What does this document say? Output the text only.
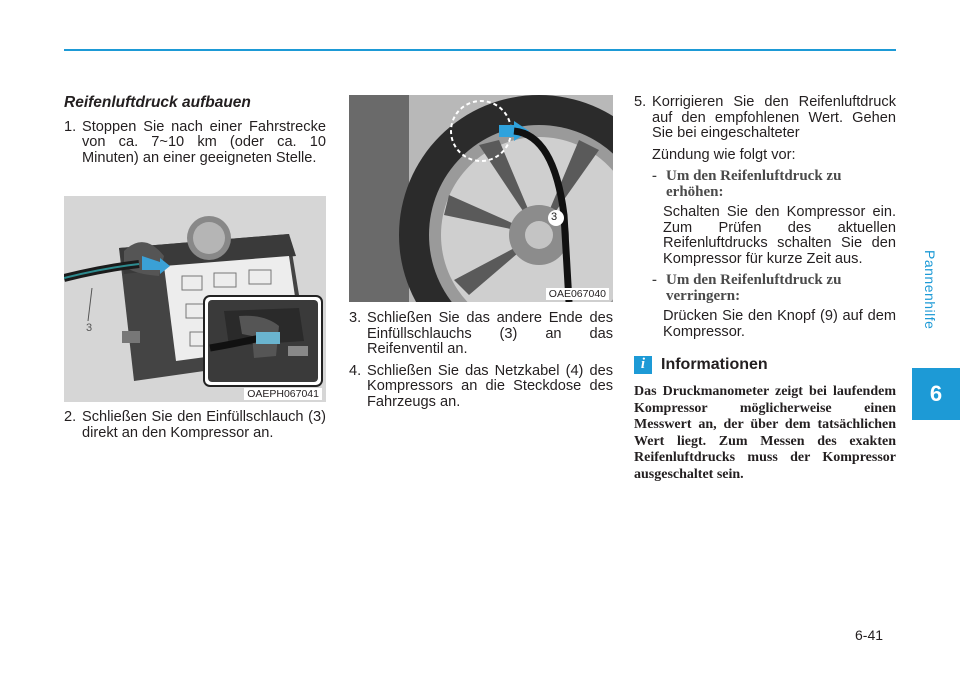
Pannenhilfe
6
Reifenluftdruck aufbauen
1. Stoppen Sie nach einer Fahrstrecke von ca. 7~10 km (oder ca. 10 Minuten) an einer geeigneten Stelle.
3
OAEPH067041
2. Schließen Sie den Einfüllschlauch (3) direkt an den Kompressor an.
3
OAE067040
3. Schließen Sie das andere Ende des Einfüllschlauchs (3) an das Reifenventil an.
4. Schließen Sie das Netzkabel (4) des Kompressors an die Steckdose des Fahrzeugs an.
5. Korrigieren Sie den Reifenluftdruck auf den empfohlenen Wert. Gehen Sie bei eingeschalteter
Zündung wie folgt vor:
- Um den Reifenluftdruck zu erhöhen:
Schalten Sie den Kompressor ein. Zum Prüfen des aktuellen Reifenluftdrucks schalten Sie den Kompressor für kurze Zeit aus.
- Um den Reifenluftdruck zu verringern:
Drücken Sie den Knopf (9) auf dem Kompressor.
i Informationen
Das Druckmanometer zeigt bei laufendem Kompressor möglicherweise einen Messwert an, der über dem tatsächlichen Wert liegt. Zum Messen des exakten Reifenluftdrucks muss der Kompressor ausgeschaltet sein.
6-41
